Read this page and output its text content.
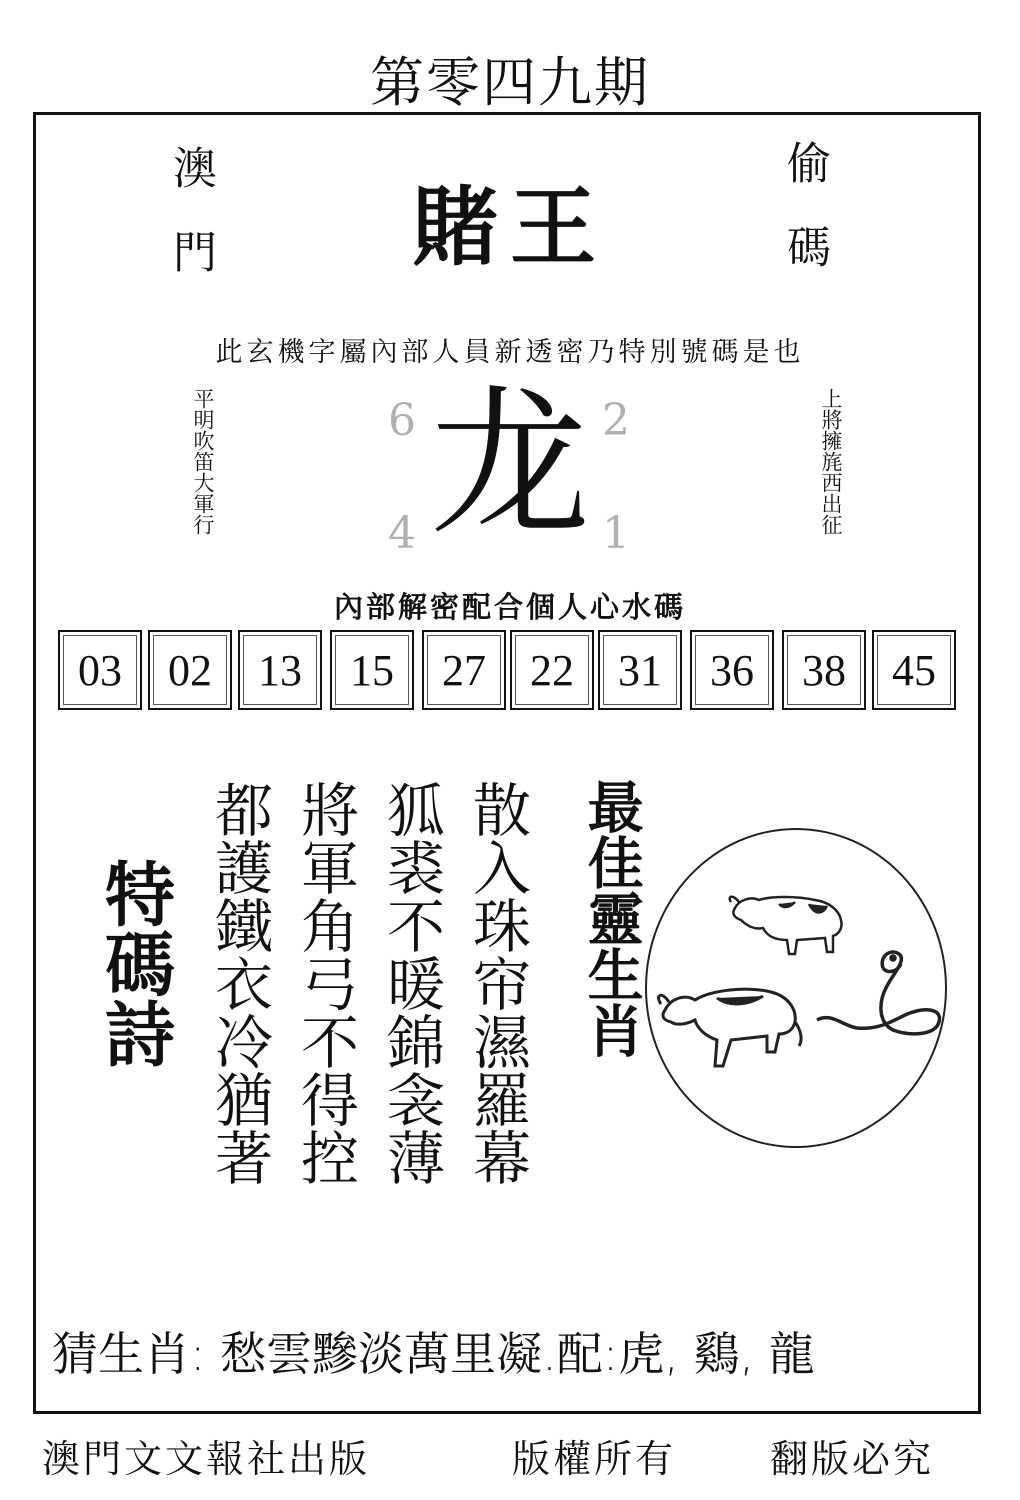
第零四九期
澳門	偷碼
賭王
此玄機字屬內部人員新透密乃特別號碼是也
平明吹笛大軍行	上將擁旄西出征
6	2
4	1
龙
內部解密配合個人心水碼
03	02	13	15	27	22	31	36	38	45
特碼詩 都護鐵衣冷猶著 將軍角弓不得控 狐裘不暖錦衾薄 散入珠帘濕羅幕 最佳靈生肖
猜生肖: 愁雲黲淡萬里凝.配:虎, 鷄, 龍
澳門文文報社出版	版權所有 翻版必究
